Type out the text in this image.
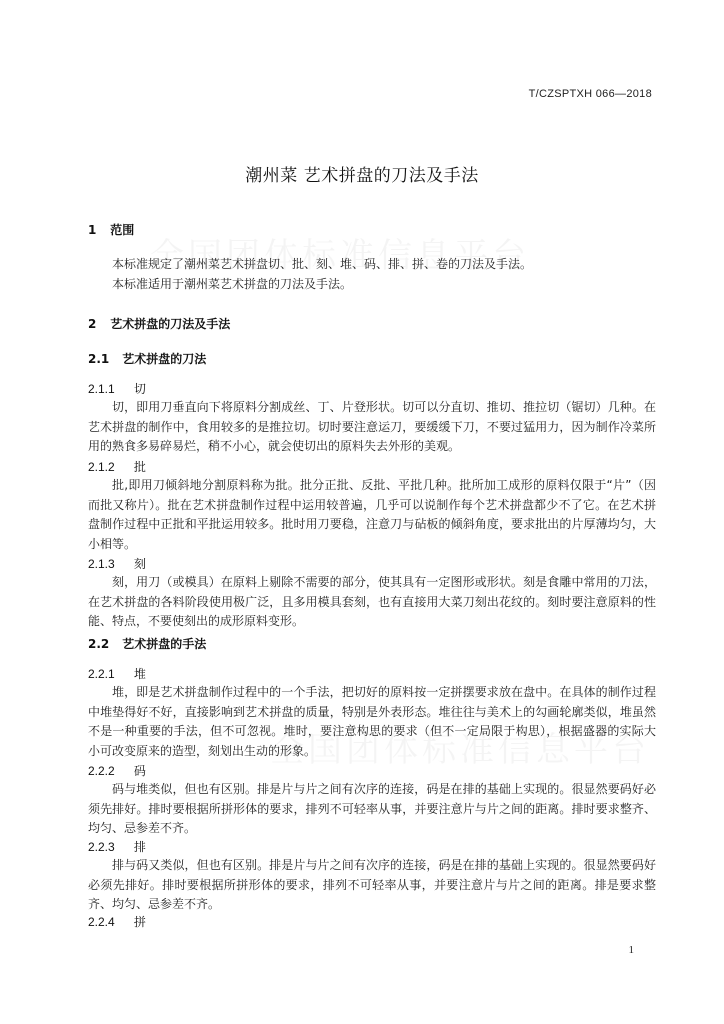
T/CZSPTXH 066—2018
潮州菜 艺术拼盘的刀法及手法
1 范围

本标准规定了潮州菜艺术拼盘切、批、刻、堆、码、排、拼、卷的刀法及手法。

本标准适用于潮州菜艺术拼盘的刀法及手法。

2 艺术拼盘的刀法及手法
2.1 艺术拼盘的刀法
2.1.1 切

切，即用刀垂直向下将原料分割成丝、丁、片登形状。切可以分直切、推切、推拉切（锯切）几种。在艺术拼盘的制作中，食用较多的是推拉切。切时要注意运刀，要缓缓下刀，不要过猛用力，因为制作冷菜所用的熟食多易碎易烂，稍不小心，就会使切出的原料失去外形的美观。

2.1.2 批

批,即用刀倾斜地分割原料称为批。批分正批、反批、平批几种。批所加工成形的原料仅限于“片”（因而批又称片）。批在艺术拼盘制作过程中运用较普遍，几乎可以说制作每个艺术拼盘都少不了它。在艺术拼盘制作过程中正批和平批运用较多。批时用刀要稳，注意刀与砧板的倾斜角度，要求批出的片厚薄均匀，大小相等。

2.1.3 刻

刻，用刀（或模具）在原料上剔除不需要的部分，使其具有一定图形或形状。刻是食雕中常用的刀法，在艺术拼盘的各料阶段使用极广泛，且多用模具套刻，也有直接用大菜刀刻出花纹的。刻时要注意原料的性能、特点，不要使刻出的成形原料变形。

2.2 艺术拼盘的手法
2.2.1 堆

堆，即是艺术拼盘制作过程中的一个手法，把切好的原料按一定拼摆要求放在盘中。在具体的制作过程中堆垫得好不好，直接影响到艺术拼盘的质量，特别是外表形态。堆往往与美术上的勾画轮廓类似，堆虽然不是一种重要的手法，但不可忽视。堆时，要注意构思的要求（但不一定局限于构思），根据盛器的实际大小可改变原来的造型，刻划出生动的形象。

2.2.2 码

码与堆类似，但也有区别。排是片与片之间有次序的连接，码是在排的基础上实现的。很显然要码好必须先排好。排时要根据所拼形体的要求，排列不可轻率从事，并要注意片与片之间的距离。排时要求整齐、均匀、忌参差不齐。

2.2.3 排

排与码又类似，但也有区别。排是片与片之间有次序的连接，码是在排的基础上实现的。很显然要码好必须先排好。排时要根据所拼形体的要求，排列不可轻率从事，并要注意片与片之间的距离。排是要求整齐、均匀、忌参差不齐。

2.2.4 拼
1
